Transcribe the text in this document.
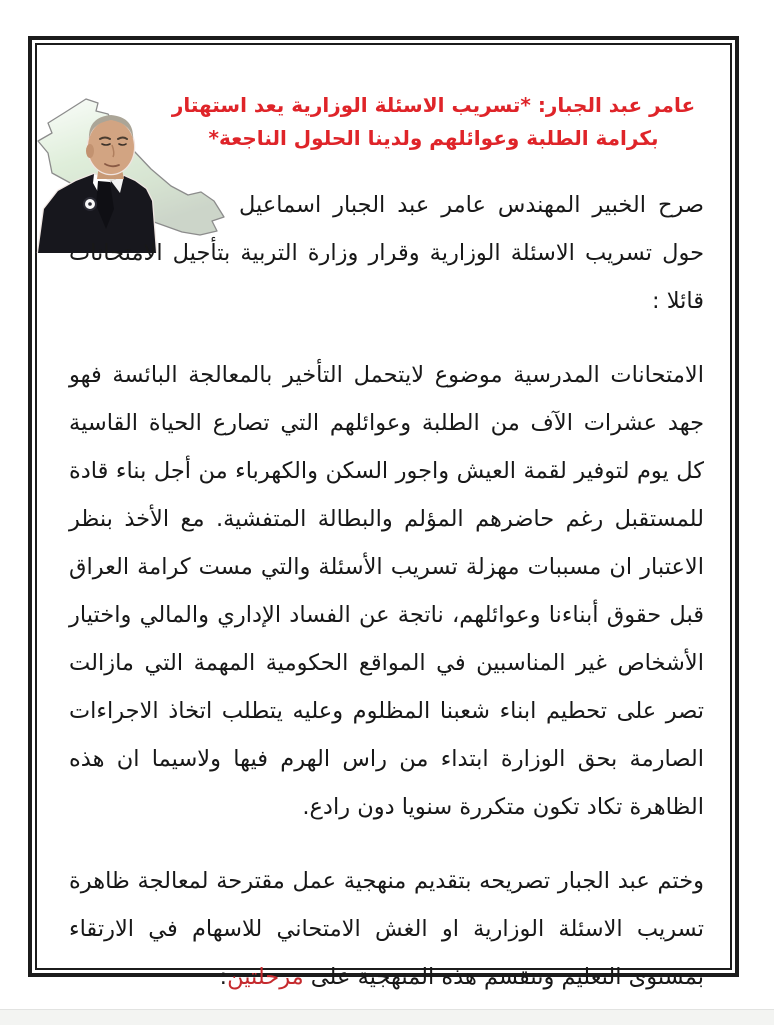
عامر عبد الجبار: *تسريب الاسئلة الوزارية يعد استهتار بكرامة الطلبة وعوائلهم ولدينا الحلول الناجعة*

صرح الخبير المهندس عامر عبد الجبار اسماعيل حول تسريب الاسئلة الوزارية وقرار وزارة التربية بتأجيل الامتحانات قائلا :

الامتحانات المدرسية موضوع لايتحمل التأخير بالمعالجة البائسة فهو جهد عشرات الآف من الطلبة وعوائلهم التي تصارع الحياة القاسية كل يوم لتوفير لقمة العيش واجور السكن والكهرباء من أجل بناء قادة للمستقبل رغم حاضرهم المؤلم والبطالة المتفشية. مع الأخذ بنظر الاعتبار ان مسببات مهزلة تسريب الأسئلة والتي مست كرامة العراق قبل حقوق أبناءنا وعوائلهم، ناتجة عن الفساد الإداري والمالي واختيار الأشخاص غير المناسبين في المواقع الحكومية المهمة التي مازالت تصر على تحطيم ابناء شعبنا المظلوم وعليه يتطلب اتخاذ الاجراءات الصارمة بحق الوزارة ابتداء من راس الهرم فيها ولاسيما ان هذه الظاهرة تكاد تكون متكررة سنويا دون رادع.

وختم عبد الجبار تصريحه بتقديم منهجية عمل مقترحة لمعالجة ظاهرة تسريب الاسئلة الوزارية او الغش الامتحاني للاسهام في الارتقاء بمستوى التعليم وتنقسم هذه المنهجية على مرحلتين:
